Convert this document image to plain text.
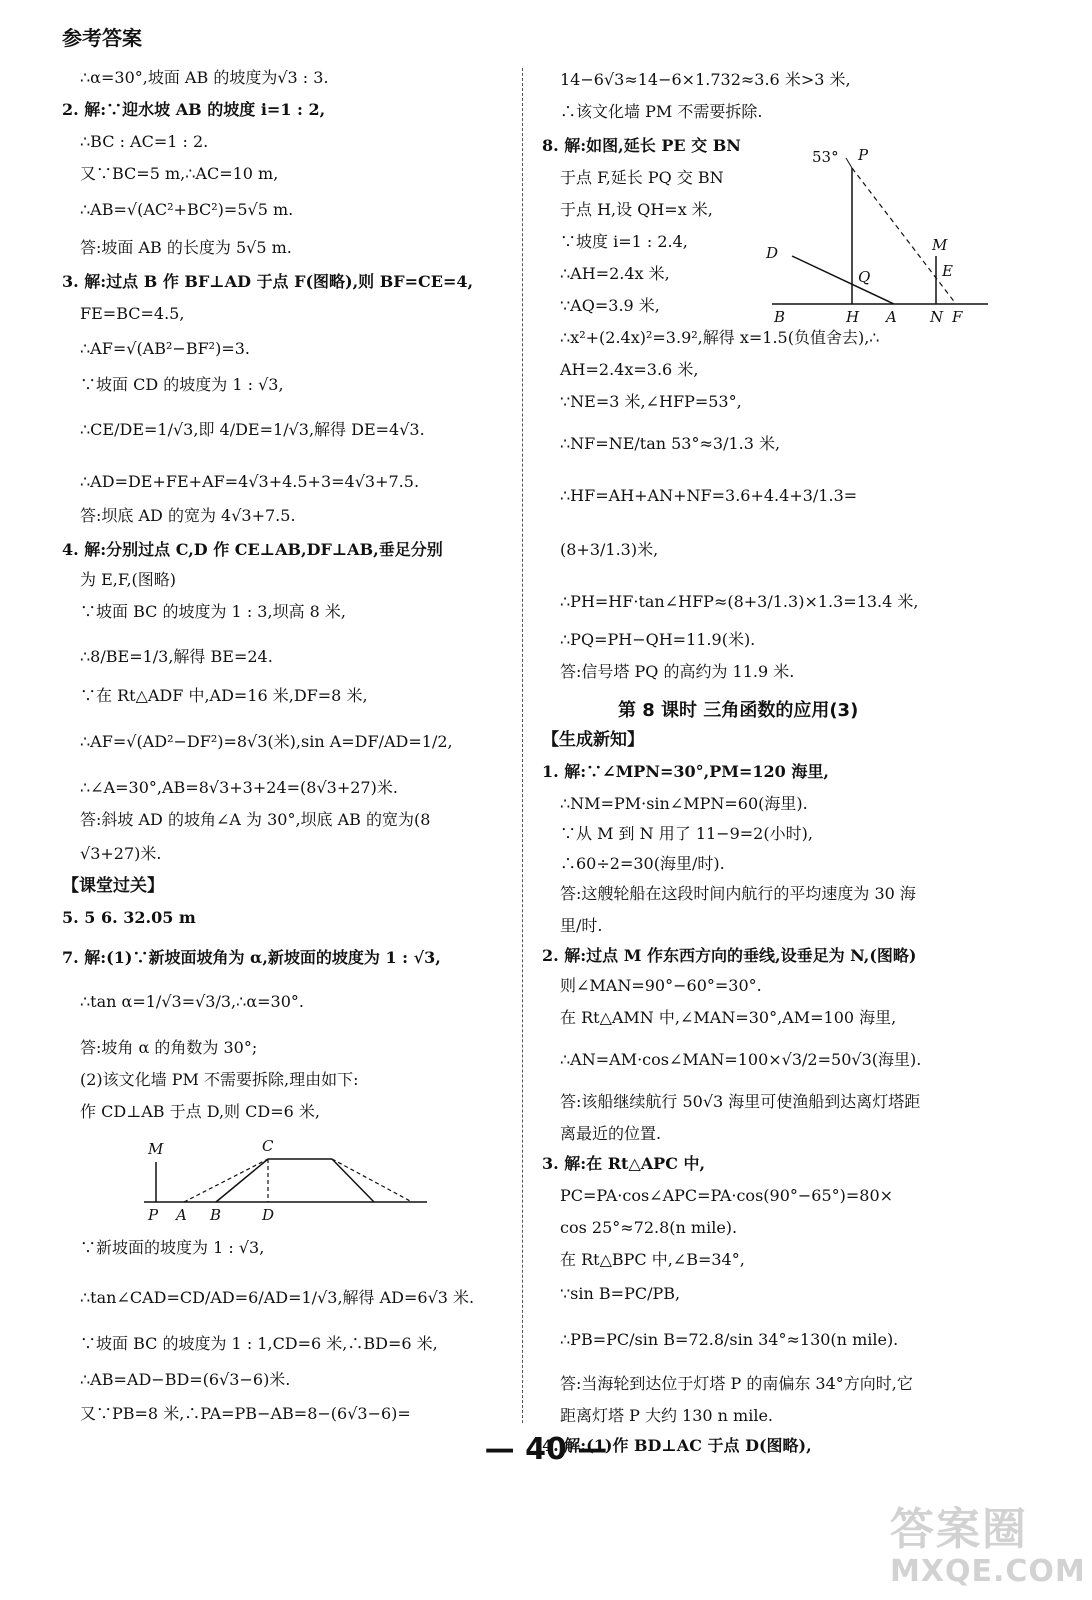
参考答案
∴α=30°,坡面 AB 的坡度为√3 : 3.
2. 解:∵迎水坡 AB 的坡度 i=1 : 2,
∴BC : AC=1 : 2.
又∵BC=5 m,∴AC=10 m,
∴AB=√(AC²+BC²)=5√5 m.
答:坡面 AB 的长度为 5√5 m.
3. 解:过点 B 作 BF⊥AD 于点 F(图略),则 BF=CE=4,
FE=BC=4.5,
∴AF=√(AB²−BF²)=3.
∵坡面 CD 的坡度为 1 : √3,
∴CE/DE=1/√3,即 4/DE=1/√3,解得 DE=4√3.
∴AD=DE+FE+AF=4√3+4.5+3=4√3+7.5.
答:坝底 AD 的宽为 4√3+7.5.
4. 解:分别过点 C,D 作 CE⊥AB,DF⊥AB,垂足分别
为 E,F,(图略)
∵坡面 BC 的坡度为 1 : 3,坝高 8 米,
∴8/BE=1/3,解得 BE=24.
∵在 Rt△ADF 中,AD=16 米,DF=8 米,
∴AF=√(AD²−DF²)=8√3(米),sin A=DF/AD=1/2,
∴∠A=30°,AB=8√3+3+24=(8√3+27)米.
答:斜坡 AD 的坡角∠A 为 30°,坝底 AB 的宽为(8
√3+27)米.
【课堂过关】
5. 5 6. 32.05 m
7. 解:(1)∵新坡面坡角为 α,新坡面的坡度为 1 : √3,
∴tan α=1/√3=√3/3,∴α=30°.
答:坡角 α 的角数为 30°;
(2)该文化墙 PM 不需要拆除,理由如下:
作 CD⊥AB 于点 D,则 CD=6 米,
M	C
P A B	D
∵新坡面的坡度为 1 : √3,
∴tan∠CAD=CD/AD=6/AD=1/√3,解得 AD=6√3 米.
∵坡面 BC 的坡度为 1 : 1,CD=6 米,∴BD=6 米,
∴AB=AD−BD=(6√3−6)米.
又∵PB=8 米,∴PA=PB−AB=8−(6√3−6)=
14−6√3≈14−6×1.732≈3.6 米>3 米,
∴该文化墙 PM 不需要拆除.
8. 解:如图,延长 PE 交 BN
于点 F,延长 PQ 交 BN
于点 H,设 QH=x 米,
∵坡度 i=1 : 2.4,
∴AH=2.4x 米,
∵AQ=3.9 米,
53° P
M
E
D
Q
B	H A N F
∴x²+(2.4x)²=3.9²,解得 x=1.5(负值舍去),∴
AH=2.4x=3.6 米,
∵NE=3 米,∠HFP=53°,
∴NF=NE/tan 53°≈3/1.3 米,
∴HF=AH+AN+NF=3.6+4.4+3/1.3=
(8+3/1.3)米,
∴PH=HF·tan∠HFP≈(8+3/1.3)×1.3=13.4 米,
∴PQ=PH−QH=11.9(米).
答:信号塔 PQ 的高约为 11.9 米.
第 8 课时 三角函数的应用(3)
【生成新知】
1. 解:∵∠MPN=30°,PM=120 海里,
∴NM=PM·sin∠MPN=60(海里).
∵从 M 到 N 用了 11−9=2(小时),
∴60÷2=30(海里/时).
答:这艘轮船在这段时间内航行的平均速度为 30 海
里/时.
2. 解:过点 M 作东西方向的垂线,设垂足为 N,(图略)
则∠MAN=90°−60°=30°.
在 Rt△AMN 中,∠MAN=30°,AM=100 海里,
∴AN=AM·cos∠MAN=100×√3/2=50√3(海里).
答:该船继续航行 50√3 海里可使渔船到达离灯塔距
离最近的位置.
3. 解:在 Rt△APC 中,
PC=PA·cos∠APC=PA·cos(90°−65°)=80×
cos 25°≈72.8(n mile).
在 Rt△BPC 中,∠B=34°,
∵sin B=PC/PB,
∴PB=PC/sin B=72.8/sin 34°≈130(n mile).
答:当海轮到达位于灯塔 P 的南偏东 34°方向时,它
距离灯塔 P 大约 130 n mile.
4. 解:(1)作 BD⊥AC 于点 D(图略),
— 40 —
答案圈
MXQE.COM
